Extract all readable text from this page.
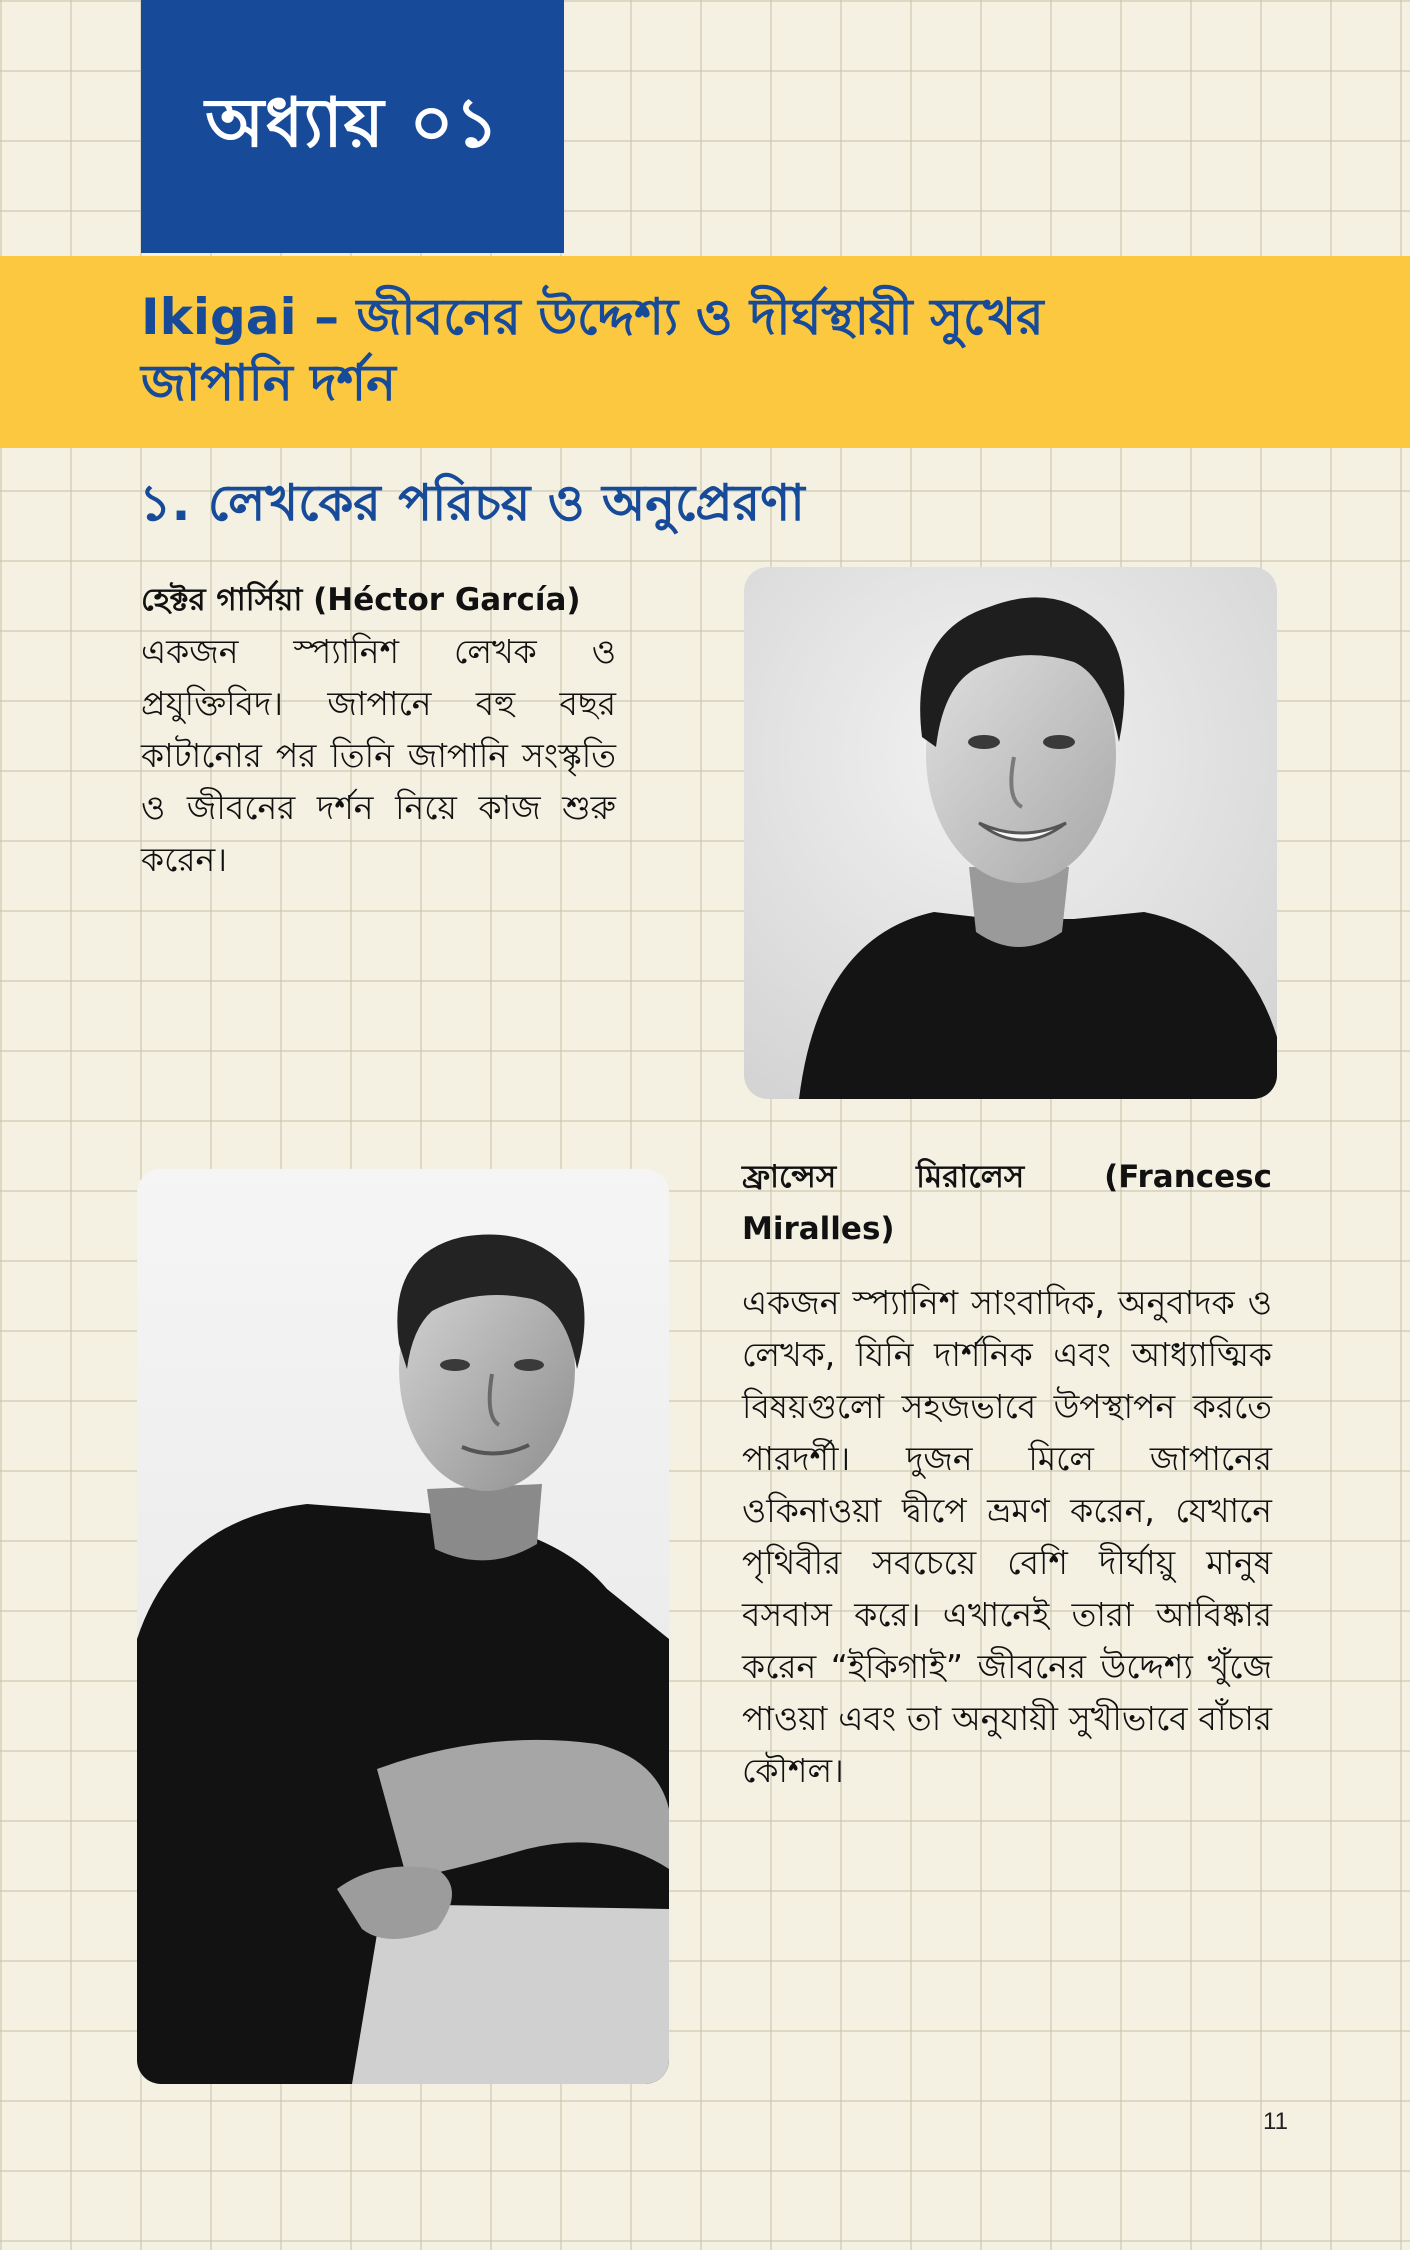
অধ্যায় ০১
Ikigai – জীবনের উদ্দেশ্য ও দীর্ঘস্থায়ী সুখের জাপানি দর্শন
১. লেখকের পরিচয় ও অনুপ্রেরণা
হেক্টর গার্সিয়া (Héctor García)
একজন স্প্যানিশ লেখক ও প্রযুক্তিবিদ। জাপানে বহু বছর কাটানোর পর তিনি জাপানি সংস্কৃতি ও জীবনের দর্শন নিয়ে কাজ শুরু করেন।
ফ্রান্সেস মিরালেস (Francesc Miralles)
একজন স্প্যানিশ সাংবাদিক, অনুবাদক ও লেখক, যিনি দার্শনিক এবং আধ্যাত্মিক বিষয়গুলো সহজভাবে উপস্থাপন করতে পারদর্শী। দুজন মিলে জাপানের ওকিনাওয়া দ্বীপে ভ্রমণ করেন, যেখানে পৃথিবীর সবচেয়ে বেশি দীর্ঘায়ু মানুষ বসবাস করে। এখানেই তারা আবিষ্কার করেন “ইকিগাই” জীবনের উদ্দেশ্য খুঁজে পাওয়া এবং তা অনুযায়ী সুখীভাবে বাঁচার কৌশল।
11
